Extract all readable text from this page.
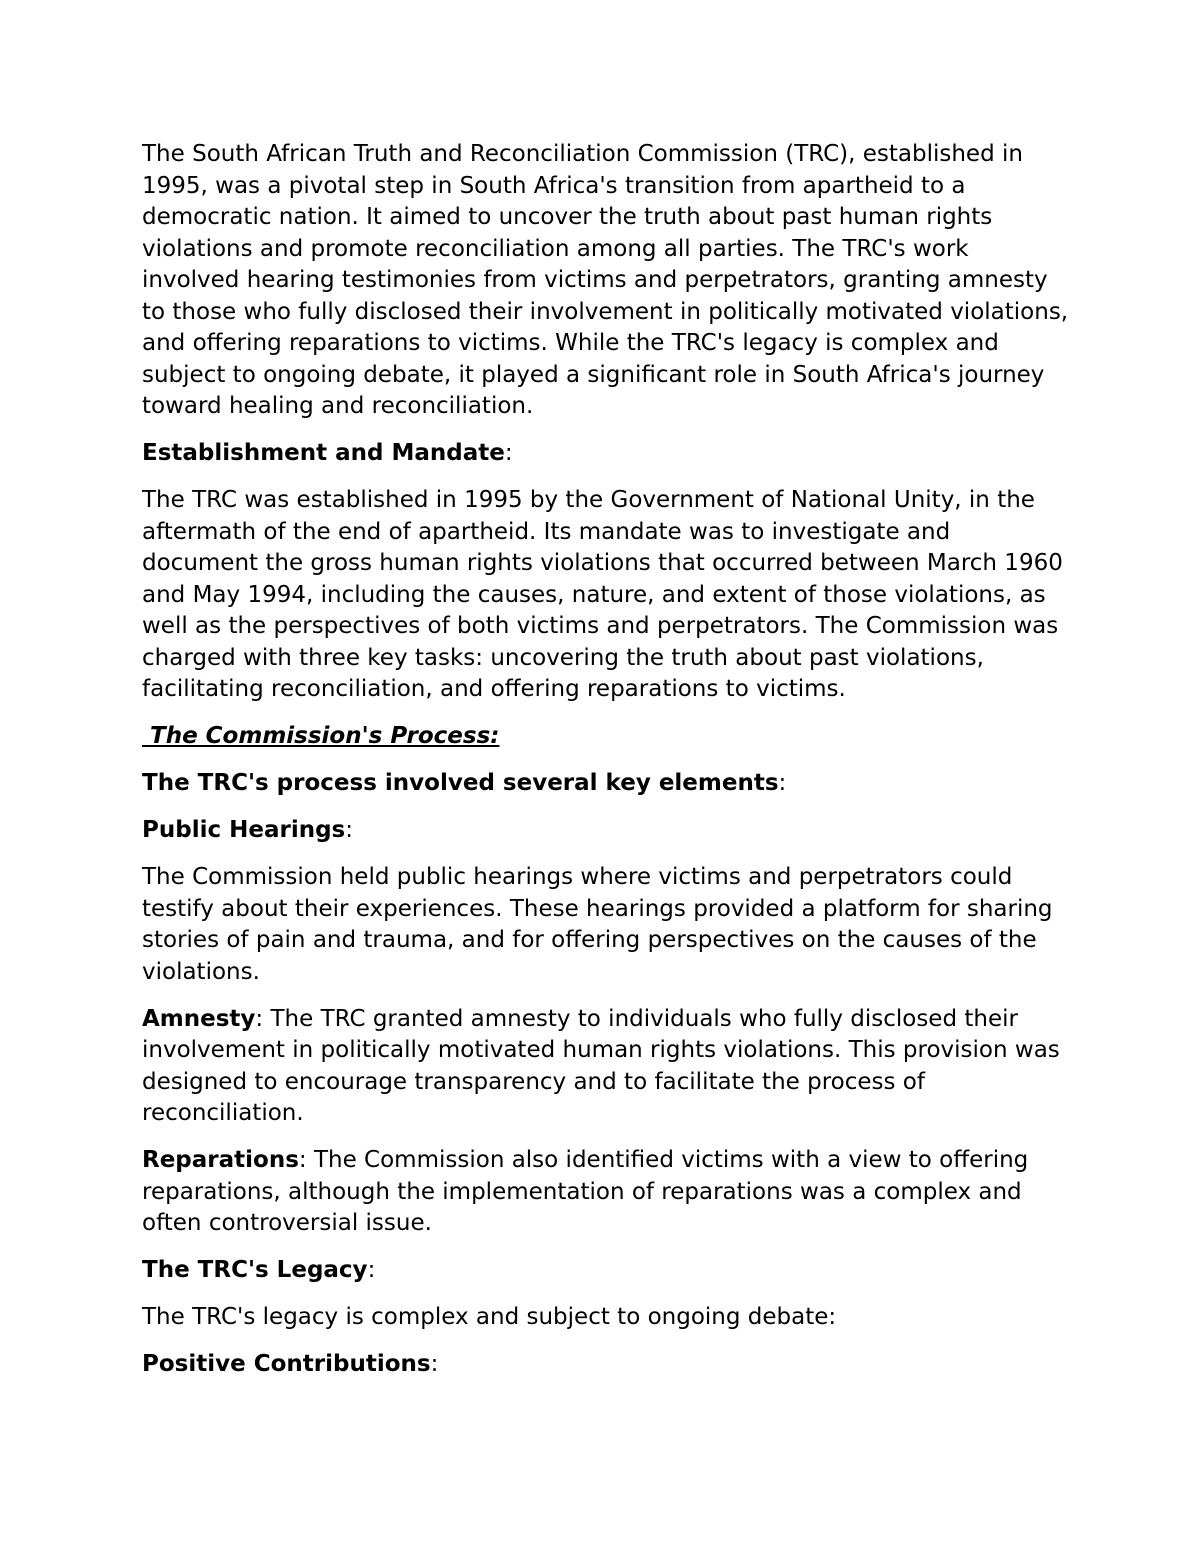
The South African Truth and Reconciliation Commission (TRC), established in 1995, was a pivotal step in South Africa's transition from apartheid to a democratic nation. It aimed to uncover the truth about past human rights violations and promote reconciliation among all parties. The TRC's work involved hearing testimonies from victims and perpetrators, granting amnesty to those who fully disclosed their involvement in politically motivated violations, and offering reparations to victims. While the TRC's legacy is complex and subject to ongoing debate, it played a significant role in South Africa's journey toward healing and reconciliation.

Establishment and Mandate:

The TRC was established in 1995 by the Government of National Unity, in the aftermath of the end of apartheid. Its mandate was to investigate and document the gross human rights violations that occurred between March 1960 and May 1994, including the causes, nature, and extent of those violations, as well as the perspectives of both victims and perpetrators. The Commission was charged with three key tasks: uncovering the truth about past violations, facilitating reconciliation, and offering reparations to victims.

The Commission's Process:

The TRC's process involved several key elements:

Public Hearings:

The Commission held public hearings where victims and perpetrators could testify about their experiences. These hearings provided a platform for sharing stories of pain and trauma, and for offering perspectives on the causes of the violations.

Amnesty: The TRC granted amnesty to individuals who fully disclosed their involvement in politically motivated human rights violations. This provision was designed to encourage transparency and to facilitate the process of reconciliation.

Reparations: The Commission also identified victims with a view to offering reparations, although the implementation of reparations was a complex and often controversial issue.

The TRC's Legacy:

The TRC's legacy is complex and subject to ongoing debate:

Positive Contributions:
